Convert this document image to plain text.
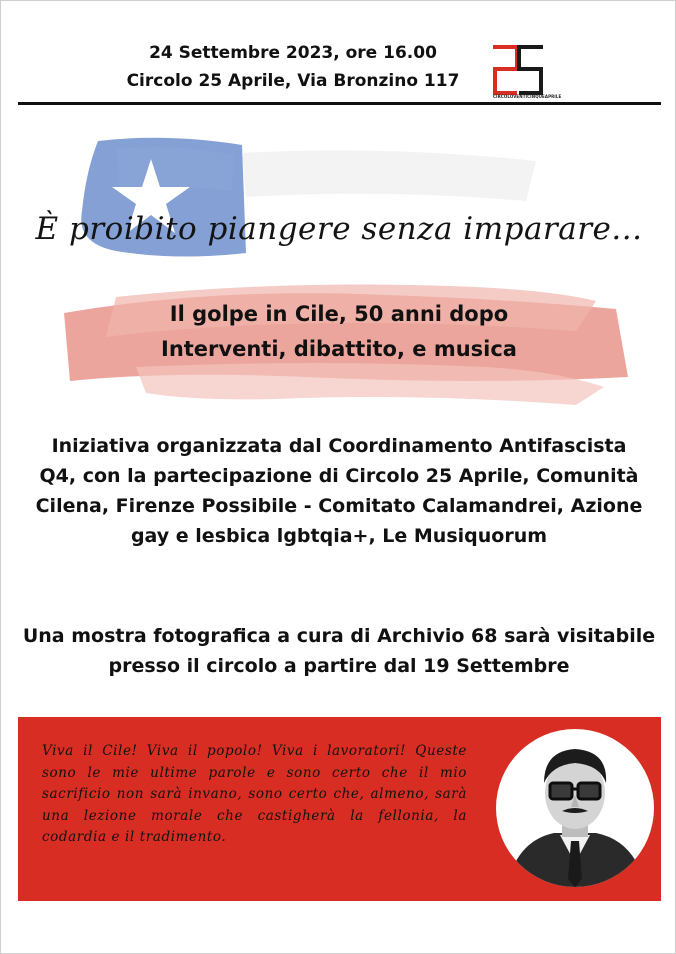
24 Settembre 2023, ore 16.00
Circolo 25 Aprile, Via Bronzino 117
CIRCOLOVENTICINQUEAPRILE
È proibito piangere senza imparare...
Il golpe in Cile, 50 anni dopo
Interventi, dibattito, e musica
Iniziativa organizzata dal Coordinamento Antifascista Q4, con la partecipazione di Circolo 25 Aprile, Comunità Cilena, Firenze Possibile - Comitato Calamandrei, Azione gay e lesbica lgbtqia+, Le Musiquorum
Una mostra fotografica a cura di Archivio 68 sarà visitabile presso il circolo a partire dal 19 Settembre
Viva il Cile! Viva il popolo! Viva i lavoratori! Queste sono le mie ultime parole e sono certo che il mio sacrificio non sarà invano, sono certo che, almeno, sarà una lezione morale che castigherà la fellonia, la codardia e il tradimento.
